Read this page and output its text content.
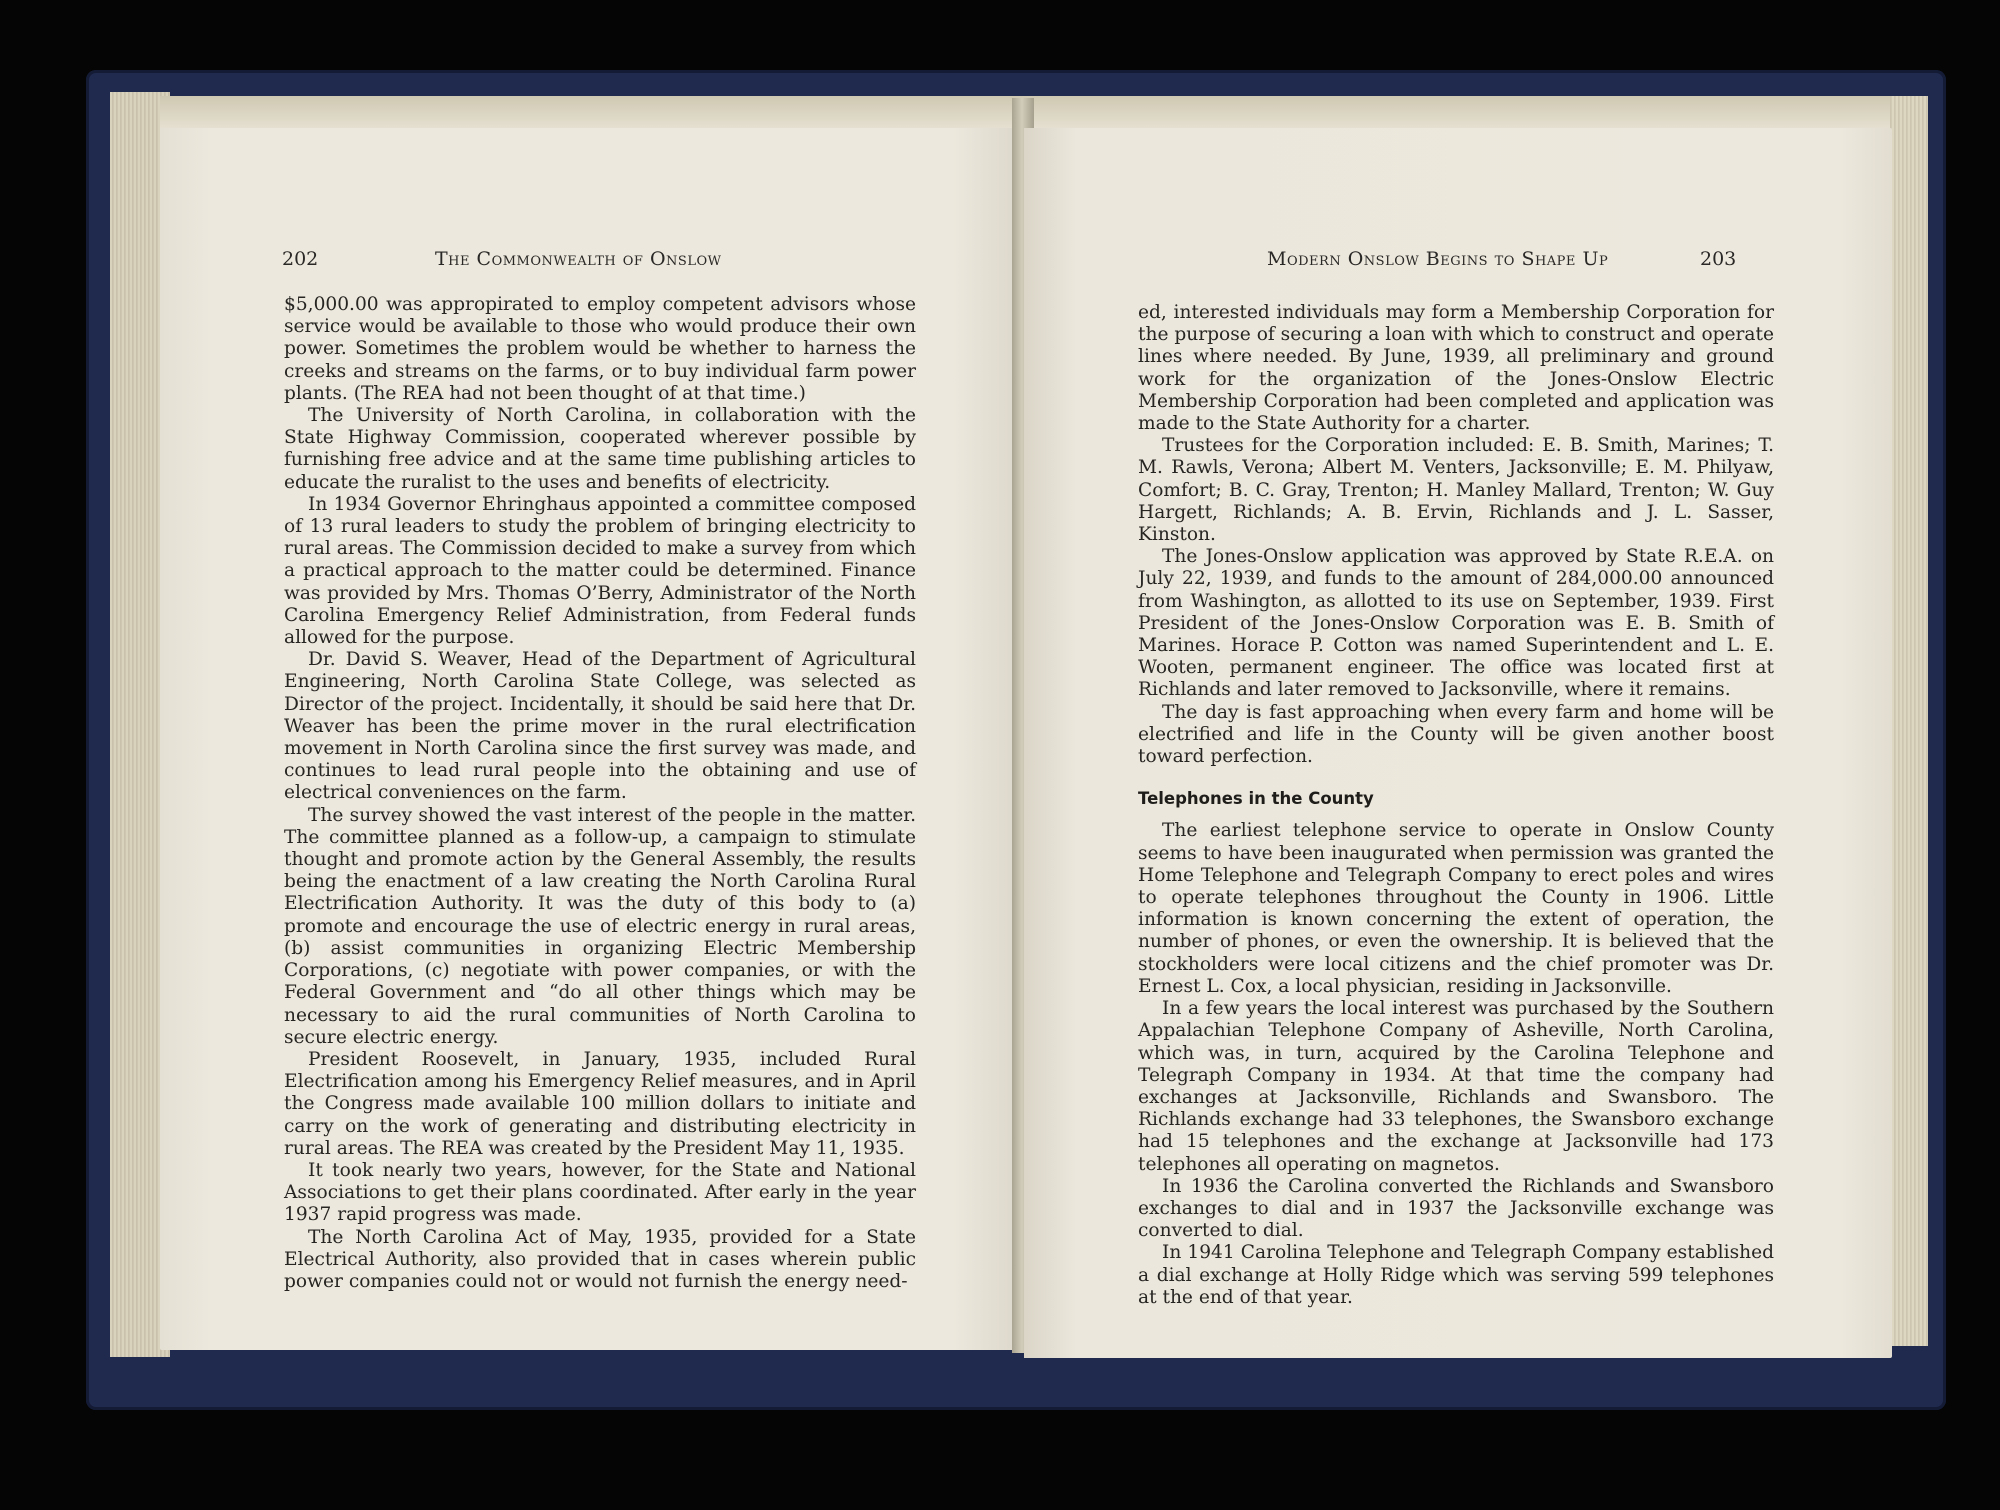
202	The Commonwealth of Onslow

$5,000.00 was appropirated to employ competent advisors whose service would be available to those who would produce their own power. Sometimes the problem would be whether to harness the creeks and streams on the farms, or to buy individual farm power plants. (The REA had not been thought of at that time.)

The University of North Carolina, in collaboration with the State Highway Commission, cooperated wherever possible by furnishing free advice and at the same time publishing articles to educate the ruralist to the uses and benefits of electricity.

In 1934 Governor Ehringhaus appointed a committee composed of 13 rural leaders to study the problem of bringing electricity to rural areas. The Commission decided to make a survey from which a practical approach to the matter could be determined. Finance was provided by Mrs. Thomas O’Berry, Administrator of the North Carolina Emergency Relief Administration, from Federal funds allowed for the purpose.

Dr. David S. Weaver, Head of the Department of Agricultural Engineering, North Carolina State College, was selected as Director of the project. Incidentally, it should be said here that Dr. Weaver has been the prime mover in the rural electrification movement in North Carolina since the first survey was made, and continues to lead rural people into the obtaining and use of electrical conveniences on the farm.

The survey showed the vast interest of the people in the matter. The committee planned as a follow-up, a campaign to stimulate thought and promote action by the General Assembly, the results being the enactment of a law creating the North Carolina Rural Electrification Authority. It was the duty of this body to (a) promote and encourage the use of electric energy in rural areas, (b) assist communities in organizing Electric Membership Corporations, (c) negotiate with power companies, or with the Federal Government and “do all other things which may be necessary to aid the rural communities of North Carolina to secure electric energy.

President Roosevelt, in January, 1935, included Rural Electrification among his Emergency Relief measures, and in April the Congress made available 100 million dollars to initiate and carry on the work of generating and distributing electricity in rural areas. The REA was created by the President May 11, 1935.

It took nearly two years, however, for the State and National Associations to get their plans coordinated. After early in the year 1937 rapid progress was made.

The North Carolina Act of May, 1935, provided for a State Electrical Authority, also provided that in cases wherein public power companies could not or would not furnish the energy need-

Modern Onslow Begins to Shape Up	203

ed, interested individuals may form a Membership Corporation for the purpose of securing a loan with which to construct and operate lines where needed. By June, 1939, all preliminary and ground work for the organization of the Jones-Onslow Electric Membership Corporation had been completed and application was made to the State Authority for a charter.

Trustees for the Corporation included: E. B. Smith, Marines; T. M. Rawls, Verona; Albert M. Venters, Jacksonville; E. M. Philyaw, Comfort; B. C. Gray, Trenton; H. Manley Mallard, Trenton; W. Guy Hargett, Richlands; A. B. Ervin, Richlands and J. L. Sasser, Kinston.

The Jones-Onslow application was approved by State R.E.A. on July 22, 1939, and funds to the amount of 284,000.00 announced from Washington, as allotted to its use on September, 1939. First President of the Jones-Onslow Corporation was E. B. Smith of Marines. Horace P. Cotton was named Superintendent and L. E. Wooten, permanent engineer. The office was located first at Richlands and later removed to Jacksonville, where it remains.

The day is fast approaching when every farm and home will be electrified and life in the County will be given another boost toward perfection.

Telephones in the County

The earliest telephone service to operate in Onslow County seems to have been inaugurated when permission was granted the Home Telephone and Telegraph Company to erect poles and wires to operate telephones throughout the County in 1906. Little information is known concerning the extent of operation, the number of phones, or even the ownership. It is believed that the stockholders were local citizens and the chief promoter was Dr. Ernest L. Cox, a local physician, residing in Jacksonville.

In a few years the local interest was purchased by the Southern Appalachian Telephone Company of Asheville, North Carolina, which was, in turn, acquired by the Carolina Telephone and Telegraph Company in 1934. At that time the company had exchanges at Jacksonville, Richlands and Swansboro. The Richlands exchange had 33 telephones, the Swansboro exchange had 15 telephones and the exchange at Jacksonville had 173 telephones all operating on magnetos.

In 1936 the Carolina converted the Richlands and Swansboro exchanges to dial and in 1937 the Jacksonville exchange was converted to dial.

In 1941 Carolina Telephone and Telegraph Company established a dial exchange at Holly Ridge which was serving 599 telephones at the end of that year.
